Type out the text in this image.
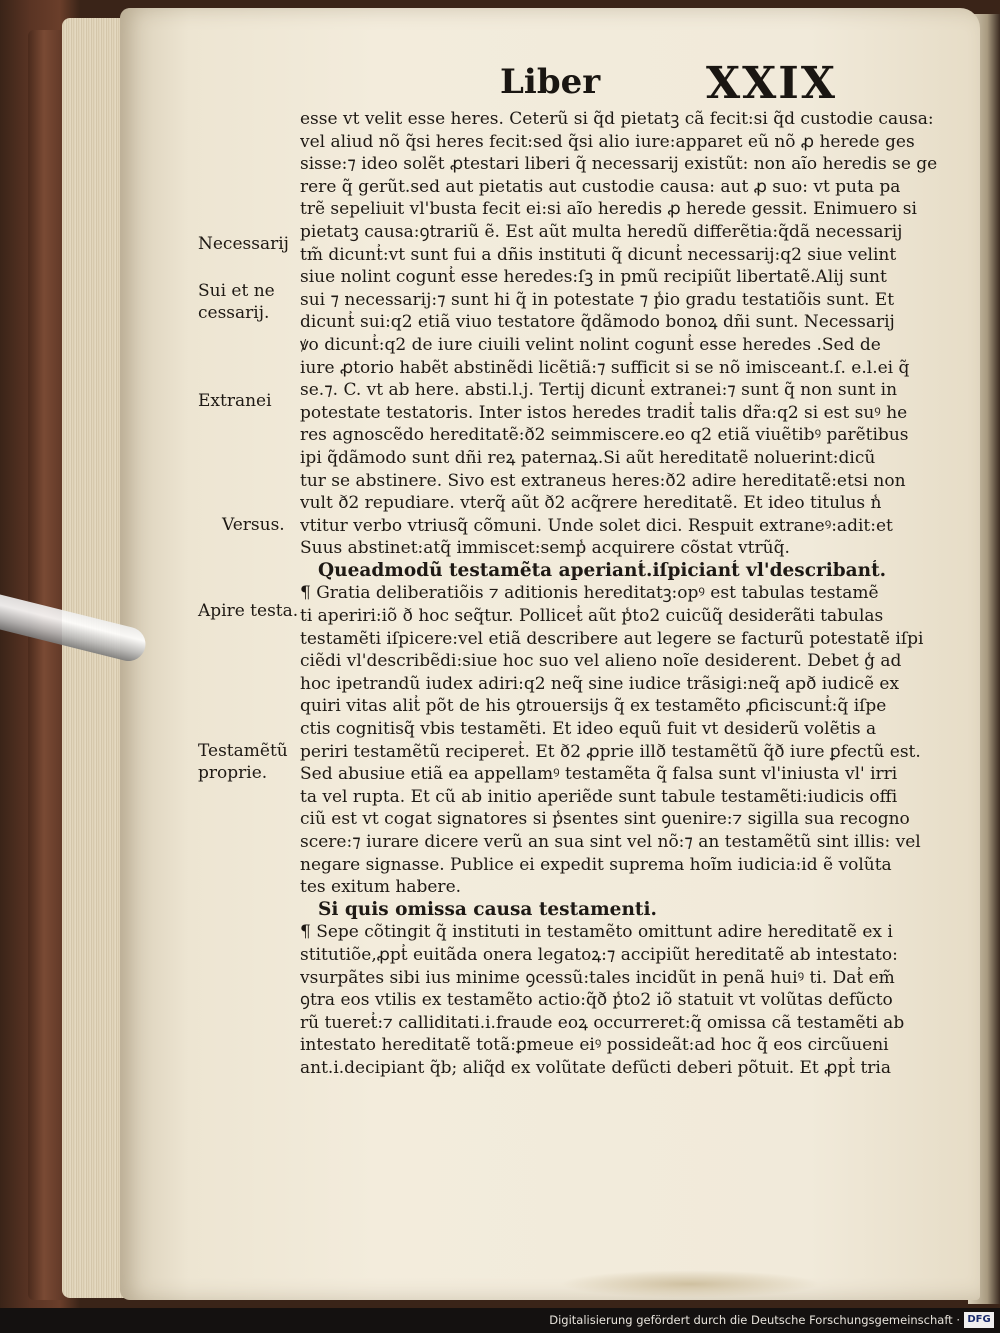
Liber XXIX
esse vt velit esse heres. Ceterũ si q̃d pietatꝫ cã fecit:si q̃d custodie causa:
vel aliud nõ q̃si heres fecit:sed q̃si alio iure:apparet eũ nõ ꝓ herede ges
sisse:⁊ ideo solẽt ꝓtestari liberi q̃ necessarij existũt: non aĩo heredis se ge
rere q̃ gerũt.sed aut pietatis aut custodie causa: aut ꝓ suo: vt puta pa
trẽ sepeliuit vl'busta fecit ei:si aĩo heredis ꝓ herede gessit. Enimuero si
pietatꝫ causa:ꝯtrariũ ẽ. Est aũt multa heredũ differẽtia:q̃dã necessarij
tm̃ dicunt̾:vt sunt fui a dñis instituti q̃ dicunt̾ necessarij:q2 siue velint
siue nolint cogunt̾ esse heredes:ſꝫ in pmũ recipiũt libertatẽ.Alij sunt
sui ⁊ necessarij:⁊ sunt hi q̃ in potestate ⁊ p̾io gradu testatiõis sunt. Et
dicunt̾ sui:q2 etiã viuo testatore q̃dãmodo bonoꝝ dñi sunt. Necessarij
ꝟo dicunt̾:q2 de iure ciuili velint nolint cogunt̾ esse heredes .Sed de
iure ꝓtorio habẽt abstinẽdi licẽtiã:⁊ sufficit si se nõ imisceant.ſ. e.l.ei q̃
se.⁊. C. vt ab here. absti.l.j. Tertij dicunt̾ extranei:⁊ sunt q̃ non sunt in
potestate testatoris. Inter istos heredes tradit̾ talis dr̃a:q2 si est suꝰ he
res agnoscẽdo hereditatẽ:ð2 seimmiscere.eo q2 etiã viuẽtibꝰ parẽtibus
ipi q̃dãmodo sunt dñi reꝝ paternaꝝ.Si aũt hereditatẽ noluerint:dicũ
tur se abstinere. Sivo est extraneus heres:ð2 adire hereditatẽ:etsi non
vult ð2 repudiare. vterq̃ aũt ð2 acq̃rere hereditatẽ. Et ideo titulus n̾
vtitur verbo vtriusq̃ cõmuni. Unde solet dici. Respuit extraneꝰ:adit:et
Suus abstinet:atq̃ immiscet:semp̾ acquirere cõstat vtrũq̃.
Queadmodũ testamẽta aperiant̾.iſpiciant̾ vl'describant̾.
¶ Gratia deliberatiõis ⁊ aditionis hereditatꝫ:opꝰ est tabulas testamẽ
ti aperiri:iõ ð hoc seq̃tur. Pollicet̾ aũt p̾to2 cuicũq̃ desiderãti tabulas
testamẽti iſpicere:vel etiã describere aut legere se facturũ potestatẽ iſpi
ciẽdi vl'describẽdi:siue hoc suo vel alieno noĩe desiderent. Debet g̾ ad
hoc ipetrandũ iudex adiri:q2 neq̃ sine iudice trãsigi:neq̃ apð iudicẽ ex
quiri vitas alit̾ põt de his ꝯtrouersijs q̃ ex testamẽto ꝓficiscunt̾:q̃ iſpe
ctis cognitisq̃ vbis testamẽti. Et ideo equũ fuit vt desiderũ volẽtis a
periri testamẽtũ reciperet̾. Et ð2 ꝓprie illð testamẽtũ q̃ð iure ꝑfectũ est.
Sed abusiue etiã ea appellamꝰ testamẽta q̃ falsa sunt vl'iniusta vl' irri
ta vel rupta. Et cũ ab initio aperiẽde sunt tabule testamẽti:iudicis offi
ciũ est vt cogat signatores si p̾sentes sint ꝯuenire:⁊ sigilla sua recogno
scere:⁊ iurare dicere verũ an sua sint vel nõ:⁊ an testamẽtũ sint illis: vel
negare signasse. Publice ei expedit suprema hoĩm iudicia:id ẽ volũta
tes exitum habere.
Si quis omissa causa testamenti.
¶ Sepe cõtingit q̃ instituti in testamẽto omittunt adire hereditatẽ ex i
stitutiõe,ꝓpt̾ euitãda onera legatoꝝ:⁊ accipiũt hereditatẽ ab intestato:
vsurpãtes sibi ius minime ꝯcessũ:tales incidũt in penã huiꝰ ti. Dat̾ em̃
ꝯtra eos vtilis ex testamẽto actio:q̃ð p̾to2 iõ statuit vt volũtas defũcto
rũ tueret̾:⁊ calliditati.i.fraude eoꝝ occurreret:q̃ omissa cã testamẽti ab
intestato hereditatẽ totã:ꝑmeue eiꝰ possideãt:ad hoc q̃ eos circũueni
ant.i.decipiant q̃b; aliq̃d ex volũtate defũcti deberi põtuit. Et ꝓpt̾ tria
Necessarij
Sui et ne
cessarij.
Extranei
Versus.
Apire testa.
Testamẽtũ
proprie.
Digitalisierung gefördert durch die Deutsche Forschungsgemeinschaft · DFG
